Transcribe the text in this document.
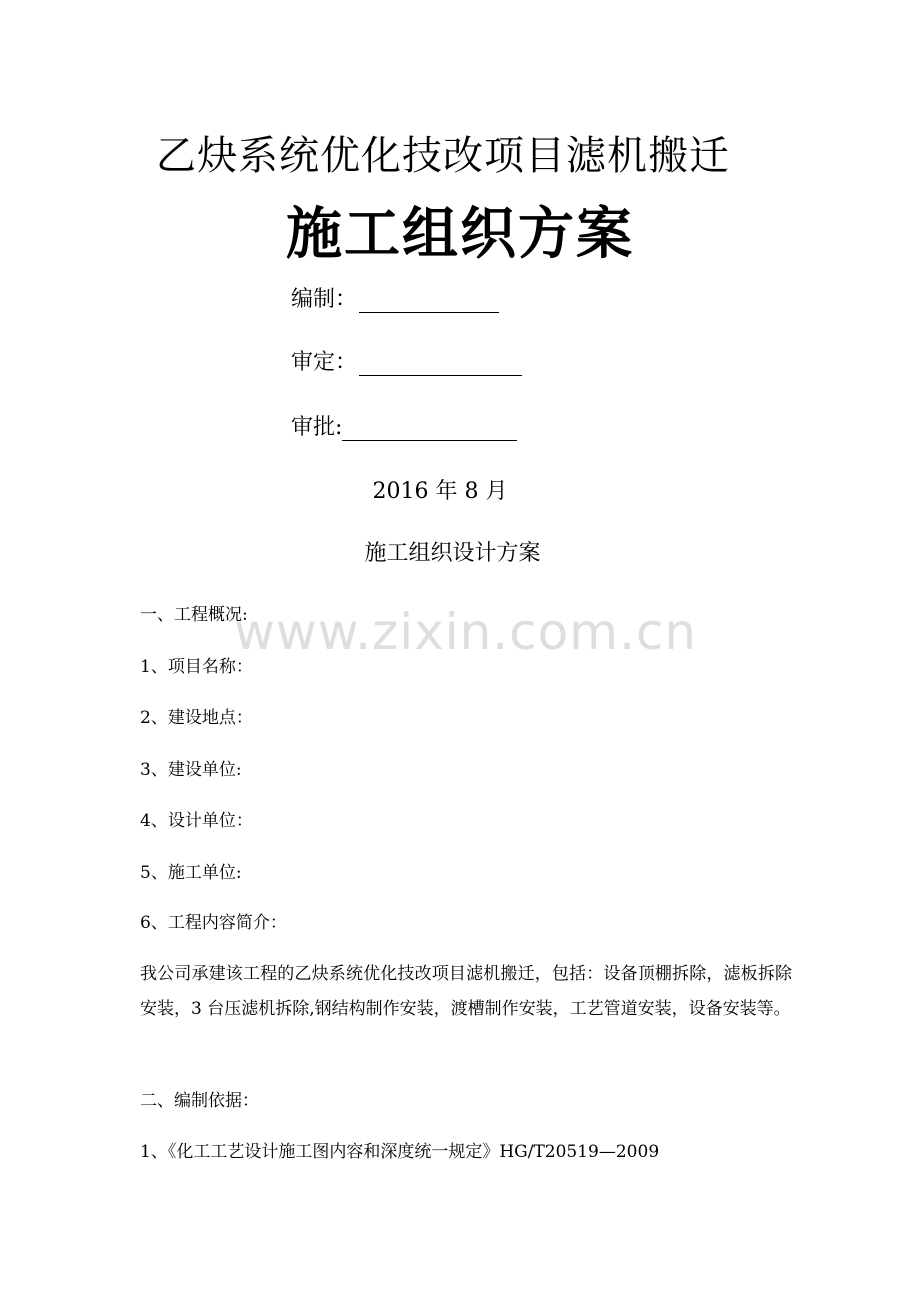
乙炔系统优化技改项目滤机搬迁
施工组织方案
编制：
审定：
审批:
2016 年 8 月
施工组织设计方案

一、工程概况:

1、项目名称：

2、建设地点：

3、建设单位:

4、设计单位：

5、施工单位:

6、工程内容简介：

我公司承建该工程的乙炔系统优化技改项目滤机搬迁，包括：设备顶棚拆除，滤板拆除安装，3 台压滤机拆除,钢结构制作安装，渡槽制作安装，工艺管道安装，设备安装等。

二、编制依据：

1、《化工工艺设计施工图内容和深度统一规定》HG/T20519—2009

www.zixin.com.cn
